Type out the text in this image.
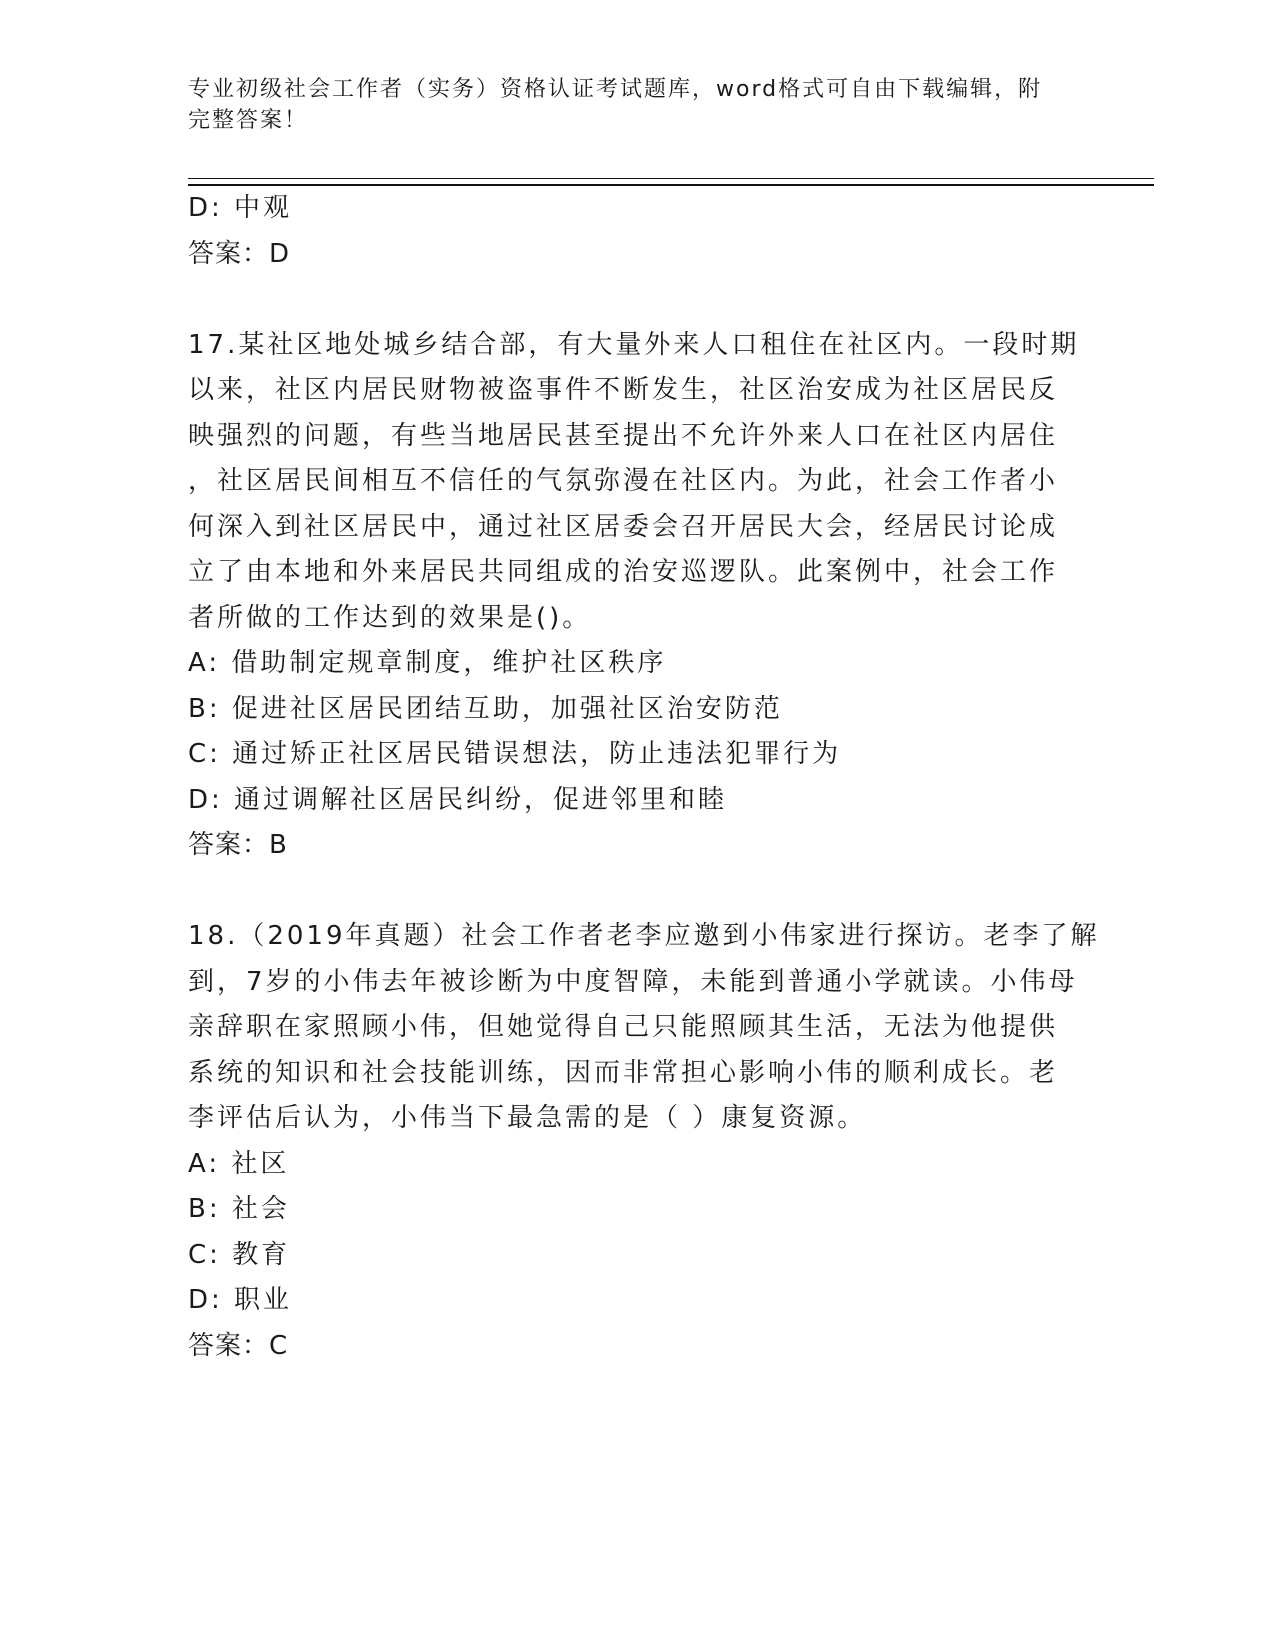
专业初级社会工作者（实务）资格认证考试题库，word格式可自由下载编辑，附
完整答案！
D: 中观
答案：D
17.某社区地处城乡结合部，有大量外来人口租住在社区内。一段时期
以来，社区内居民财物被盗事件不断发生，社区治安成为社区居民反
映强烈的问题，有些当地居民甚至提出不允许外来人口在社区内居住
，社区居民间相互不信任的气氛弥漫在社区内。为此，社会工作者小
何深入到社区居民中，通过社区居委会召开居民大会，经居民讨论成
立了由本地和外来居民共同组成的治安巡逻队。此案例中，社会工作
者所做的工作达到的效果是()。
A: 借助制定规章制度，维护社区秩序
B: 促进社区居民团结互助，加强社区治安防范
C: 通过矫正社区居民错误想法，防止违法犯罪行为
D: 通过调解社区居民纠纷，促进邻里和睦
答案：B
18.（2019年真题）社会工作者老李应邀到小伟家进行探访。老李了解
到，7岁的小伟去年被诊断为中度智障，未能到普通小学就读。小伟母
亲辞职在家照顾小伟，但她觉得自己只能照顾其生活，无法为他提供
系统的知识和社会技能训练，因而非常担心影响小伟的顺利成长。老
李评估后认为，小伟当下最急需的是（ ）康复资源。
A: 社区
B: 社会
C: 教育
D: 职业
答案：C
